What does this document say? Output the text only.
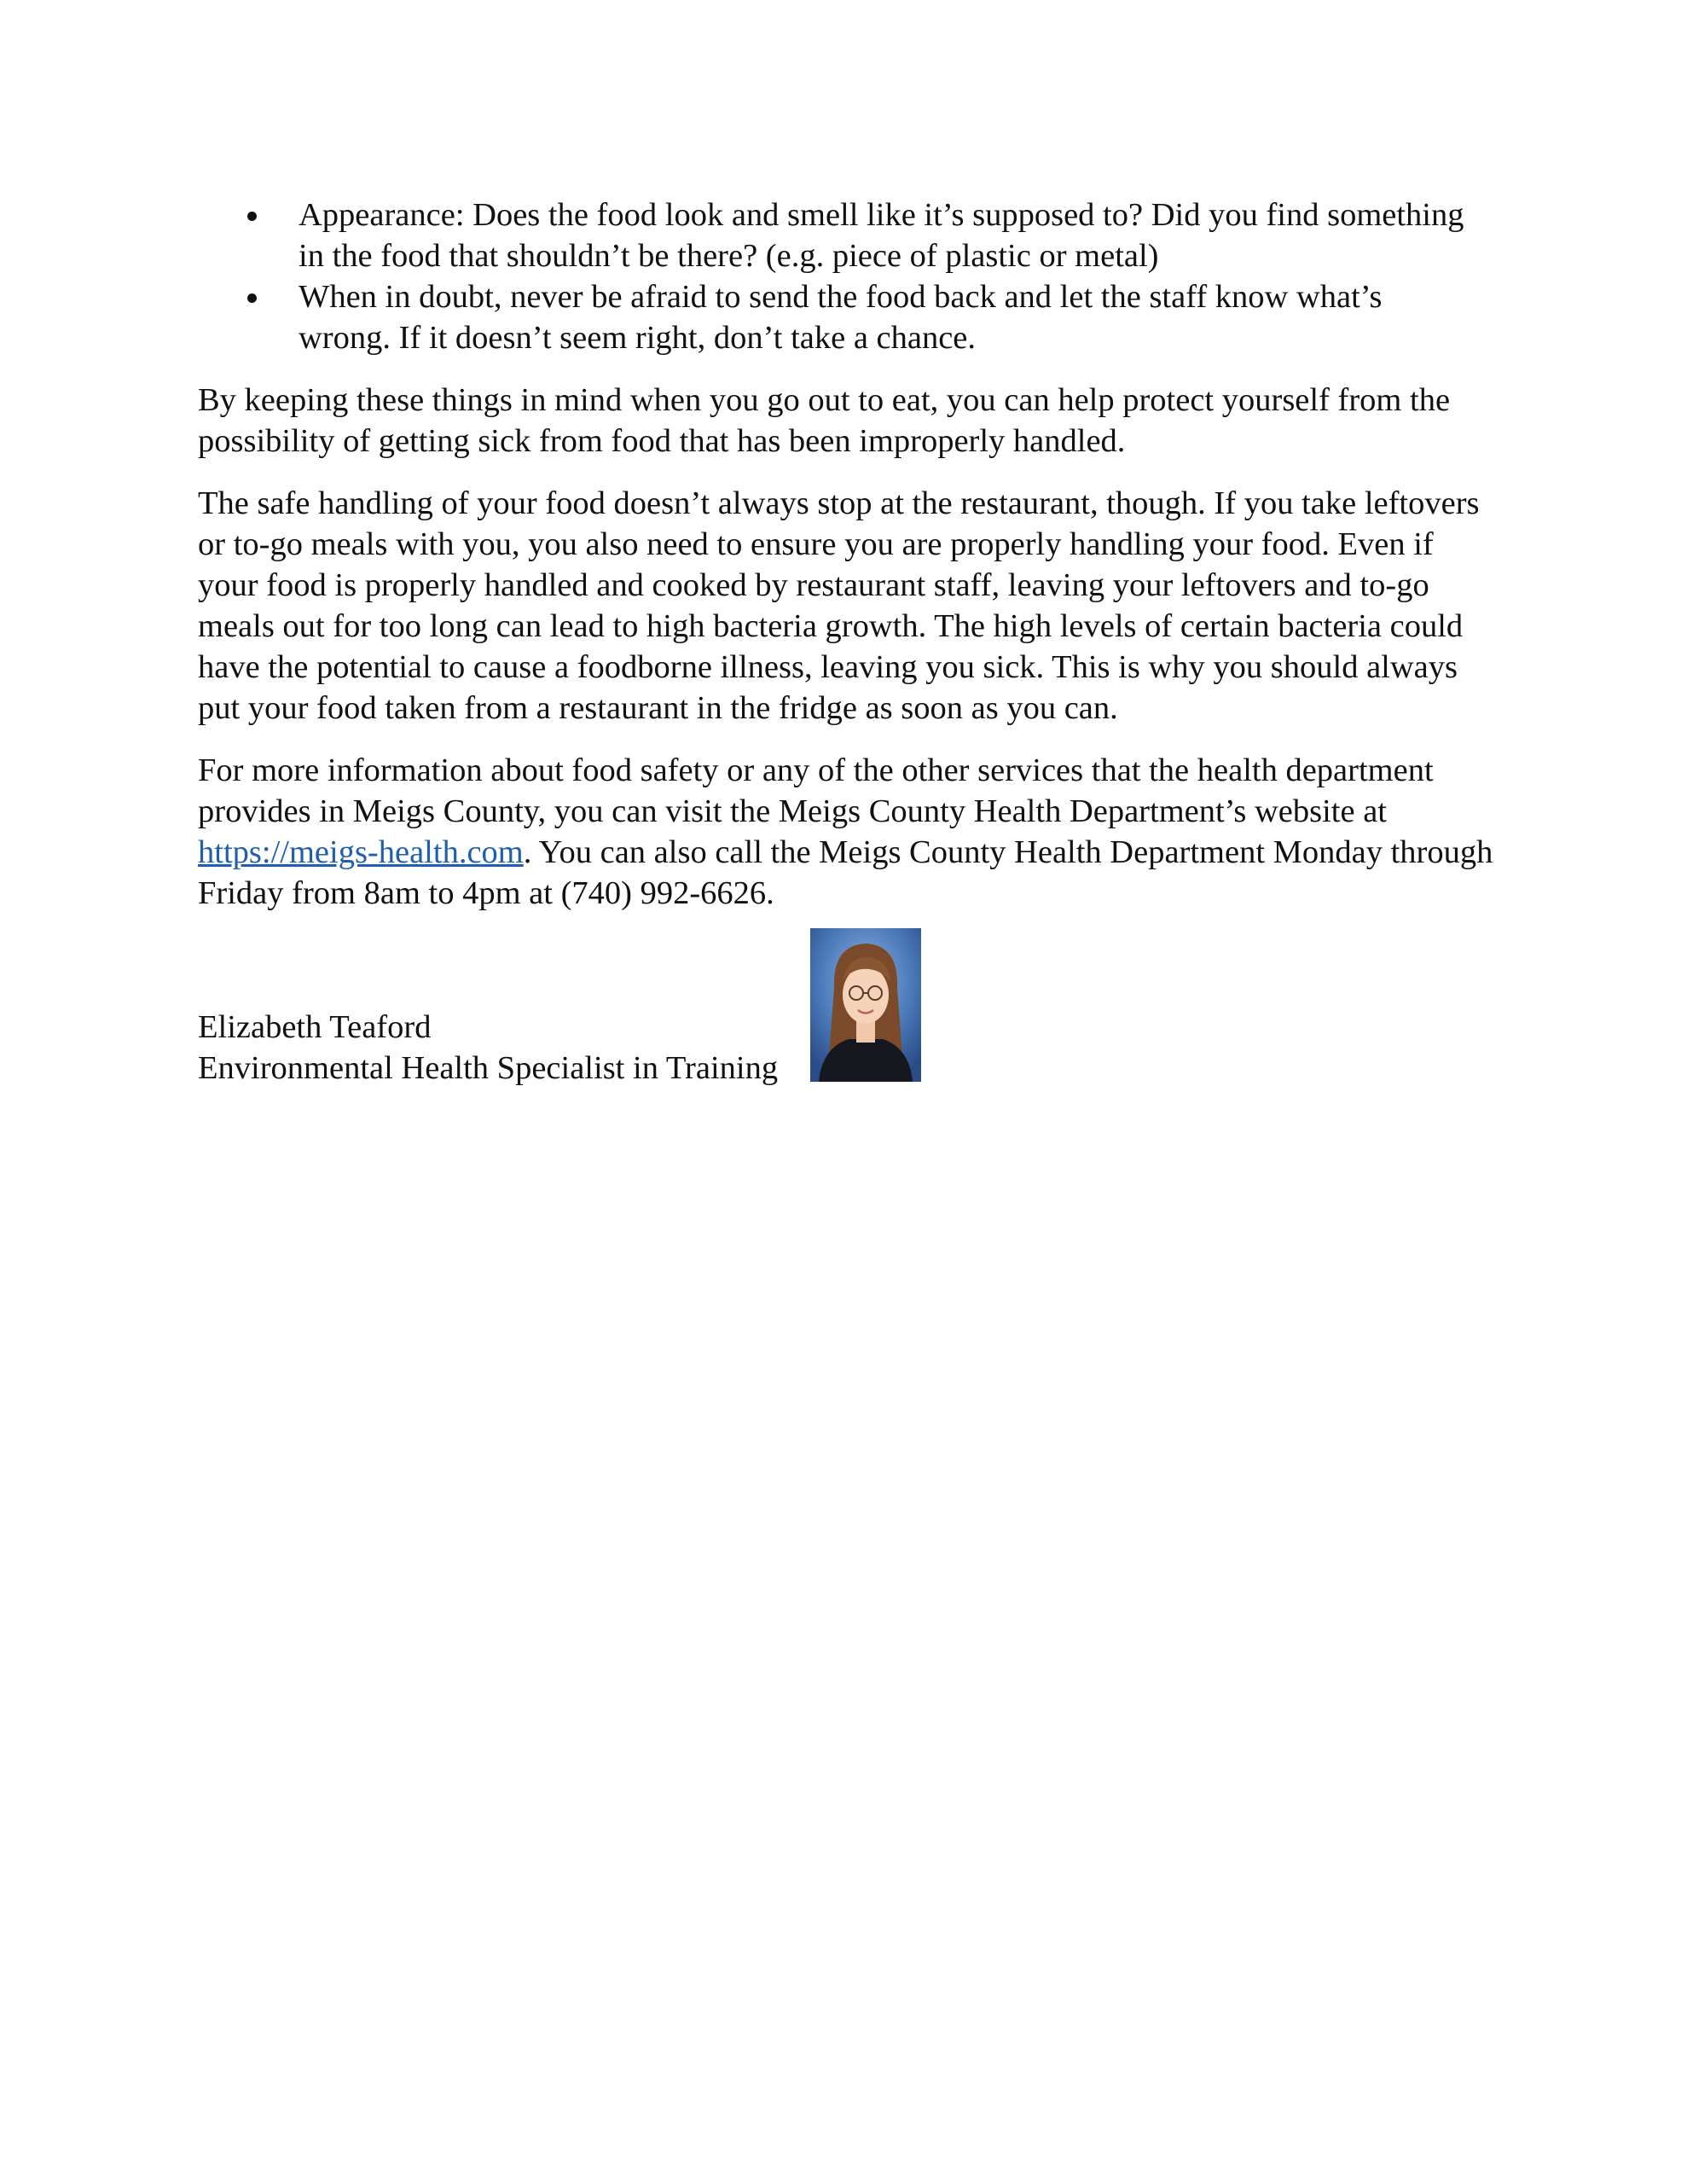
Appearance: Does the food look and smell like it’s supposed to? Did you find something
in the food that shouldn’t be there? (e.g. piece of plastic or metal)
When in doubt, never be afraid to send the food back and let the staff know what’s
wrong. If it doesn’t seem right, don’t take a chance.

By keeping these things in mind when you go out to eat, you can help protect yourself from the possibility of getting sick from food that has been improperly handled.

The safe handling of your food doesn’t always stop at the restaurant, though. If you take leftovers or to-go meals with you, you also need to ensure you are properly handling your food. Even if your food is properly handled and cooked by restaurant staff, leaving your leftovers and to-go meals out for too long can lead to high bacteria growth. The high levels of certain bacteria could have the potential to cause a foodborne illness, leaving you sick. This is why you should always put your food taken from a restaurant in the fridge as soon as you can.

For more information about food safety or any of the other services that the health department provides in Meigs County, you can visit the Meigs County Health Department’s website at https://meigs-health.com. You can also call the Meigs County Health Department Monday through Friday from 8am to 4pm at (740) 992-6626.

Elizabeth Teaford
Environmental Health Specialist in Training
